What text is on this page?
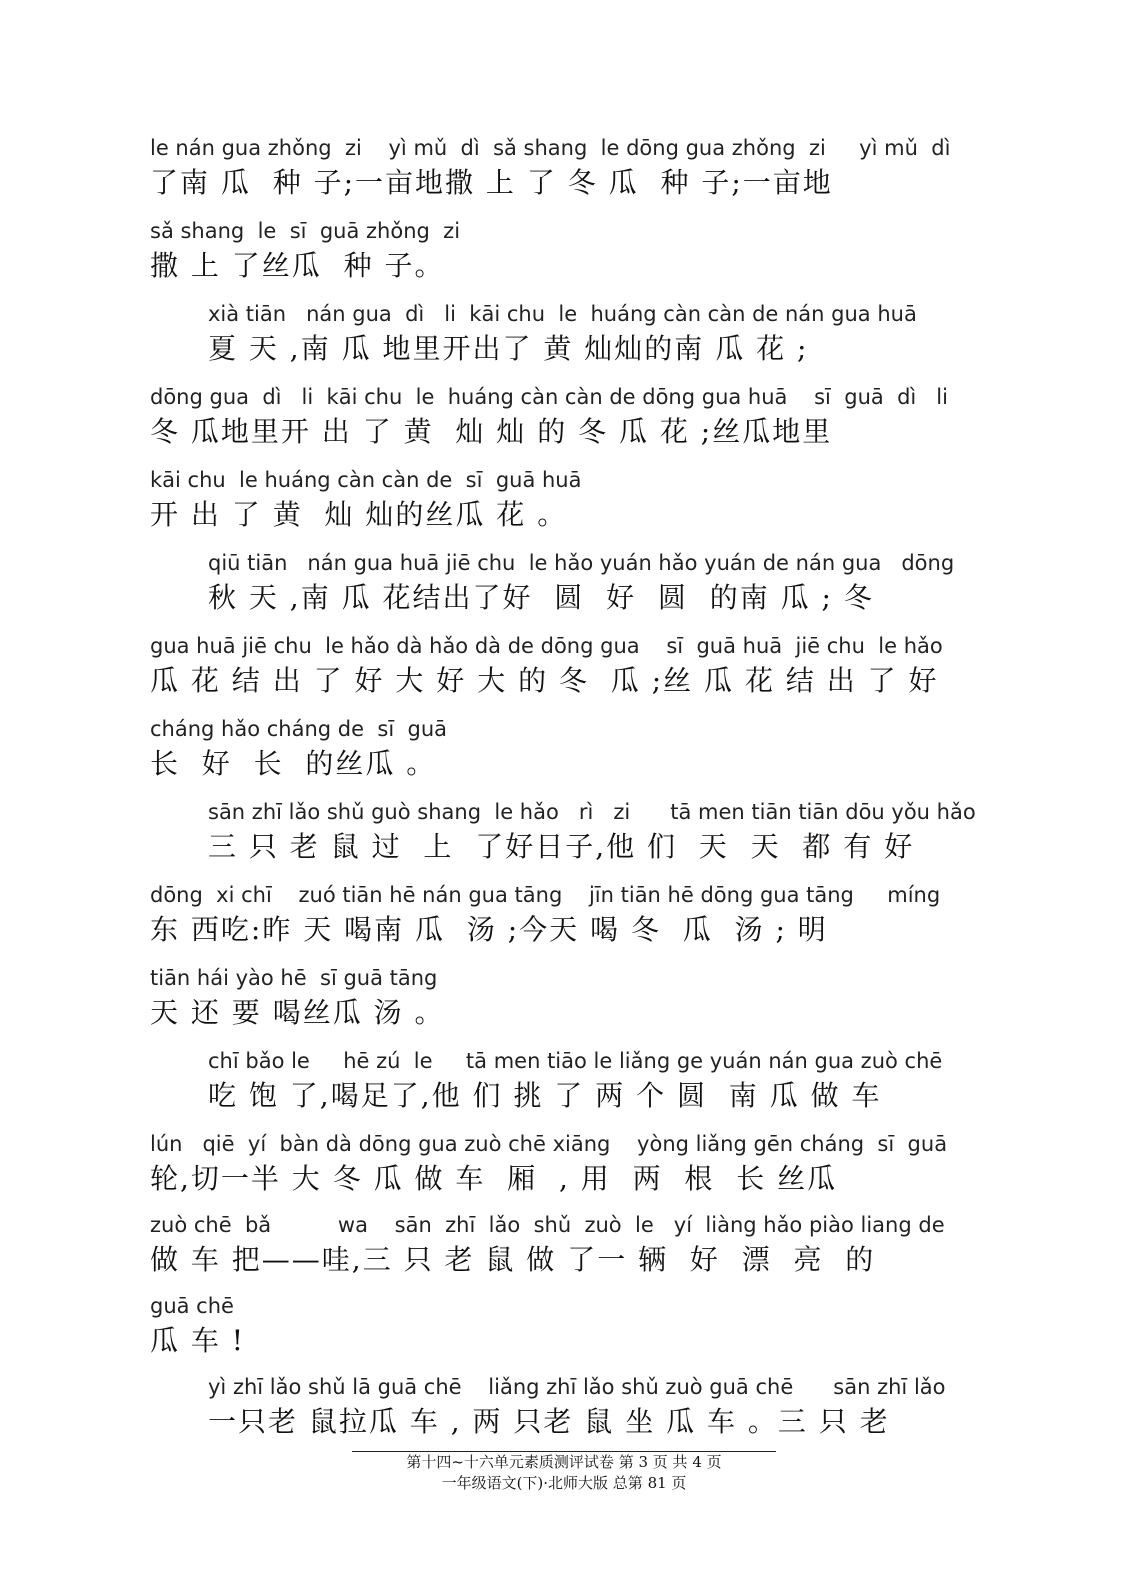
le nán gua zhǒng  zi    yì mǔ  dì  sǎ shang  le dōng gua zhǒng  zi     yì mǔ  dì
了南 瓜  种 子;一亩地撒 上 了 冬 瓜  种 子;一亩地
sǎ shang  le  sī  guā zhǒng  zi
撒 上 了丝瓜  种 子。
xià tiān   nán gua  dì   li  kāi chu  le  huáng càn càn de nán gua huā
夏 天 ,南 瓜 地里开出了 黄 灿灿的南 瓜 花 ;
dōng gua  dì   li  kāi chu  le  huáng càn càn de dōng gua huā    sī  guā  dì   li
冬 瓜地里开 出 了 黄  灿 灿 的 冬 瓜 花 ;丝瓜地里
kāi chu  le huáng càn càn de  sī  guā huā
开 出 了 黄  灿 灿的丝瓜 花 。
qiū tiān   nán gua huā jiē chu  le hǎo yuán hǎo yuán de nán gua   dōng
秋 天 ,南 瓜 花结出了好  圆  好  圆  的南 瓜 ; 冬
gua huā jiē chu  le hǎo dà hǎo dà de dōng gua    sī  guā huā  jiē chu  le hǎo
瓜 花 结 出 了 好 大 好 大 的 冬  瓜 ;丝 瓜 花 结 出 了 好
cháng hǎo cháng de  sī  guā
长  好  长  的丝瓜 。
sān zhī lǎo shǔ guò shang  le hǎo   rì   zi      tā men tiān tiān dōu yǒu hǎo
三 只 老 鼠 过  上  了好日子,他 们  天  天  都 有 好
dōng  xi chī    zuó tiān hē nán gua tāng    jīn tiān hē dōng gua tāng     míng
东 西吃:昨 天 喝南 瓜  汤 ;今天 喝 冬  瓜  汤 ; 明
tiān hái yào hē  sī guā tāng
天 还 要 喝丝瓜 汤 。
chī bǎo le     hē zú  le     tā men tiāo le liǎng ge yuán nán gua zuò chē
吃 饱 了,喝足了,他 们 挑 了 两 个 圆  南 瓜 做 车
lún   qiē  yí  bàn dà dōng gua zuò chē xiāng    yòng liǎng gēn cháng  sī  guā
轮,切一半 大 冬 瓜 做 车  厢  , 用  两  根  长 丝瓜
zuò chē  bǎ          wa    sān  zhī  lǎo  shǔ  zuò  le   yí  liàng hǎo piào liang de
做 车 把——哇,三 只 老 鼠 做 了一 辆  好  漂  亮  的
guā chē
瓜 车 !
yì zhī lǎo shǔ lā guā chē    liǎng zhī lǎo shǔ zuò guā chē      sān zhī lǎo
一只老 鼠拉瓜 车 , 两 只老 鼠 坐 瓜 车 。三 只 老
第十四~十六单元素质测评试卷 第 3 页 共 4 页
一年级语文(下)·北师大版 总第 81 页
